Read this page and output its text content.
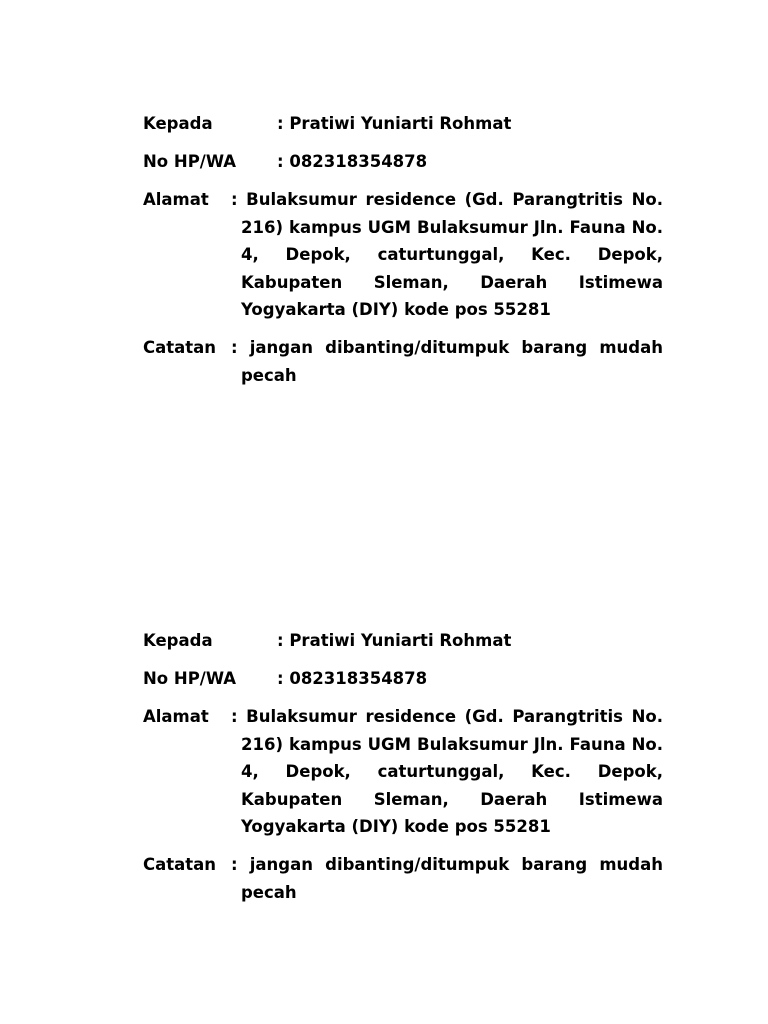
Kepada	: Pratiwi Yuniarti Rohmat
No HP/WA : 082318354878
Alamat : Bulaksumur residence (Gd. Parangtritis No. 216) kampus UGM Bulaksumur Jln. Fauna No. 4, Depok, caturtunggal, Kec. Depok, Kabupaten Sleman, Daerah Istimewa Yogyakarta (DIY) kode pos 55281
Catatan : jangan dibanting/ditumpuk barang mudah pecah
Kepada	: Pratiwi Yuniarti Rohmat
No HP/WA : 082318354878
Alamat : Bulaksumur residence (Gd. Parangtritis No. 216) kampus UGM Bulaksumur Jln. Fauna No. 4, Depok, caturtunggal, Kec. Depok, Kabupaten Sleman, Daerah Istimewa Yogyakarta (DIY) kode pos 55281
Catatan : jangan dibanting/ditumpuk barang mudah pecah
